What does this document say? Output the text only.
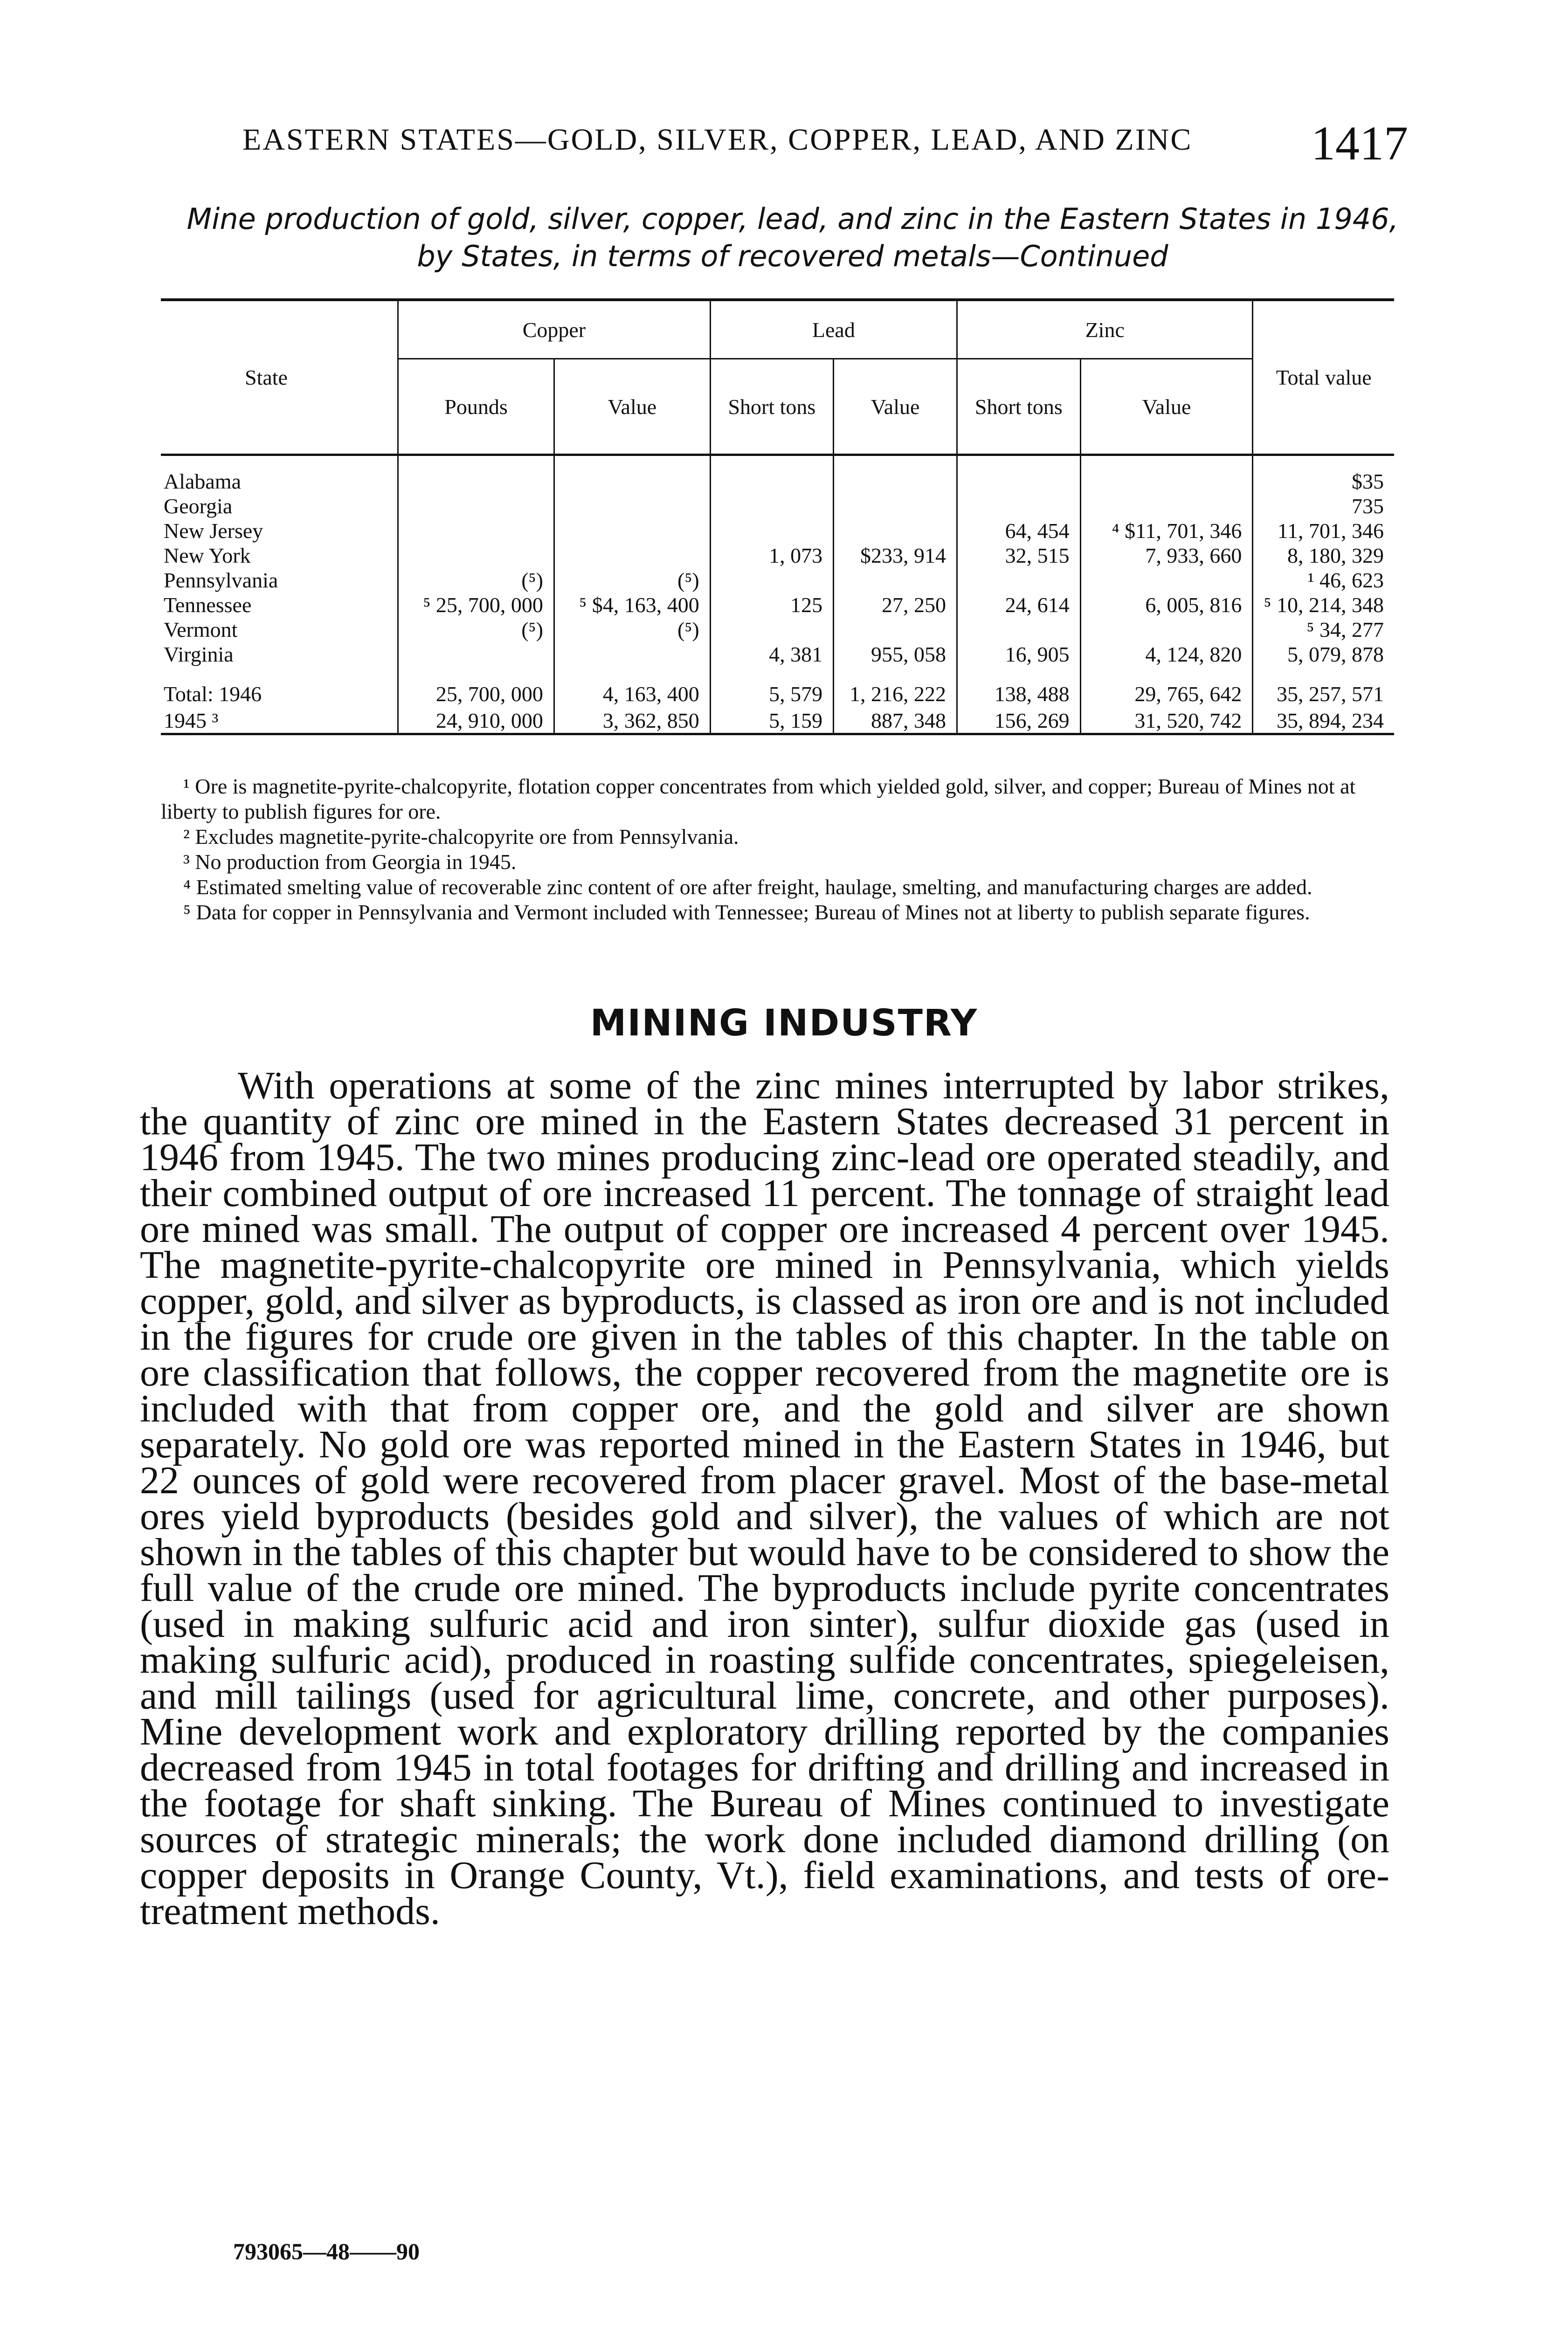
EASTERN STATES—GOLD, SILVER, COPPER, LEAD, AND ZINC 1417
Mine production of gold, silver, copper, lead, and zinc in the Eastern States in 1946, by States, in terms of recovered metals—Continued
State	Copper		Lead		Zinc		Total value
	Pounds	Value	Short tons	Value	Short tons	Value	

Alabama							$35
Georgia							735
New Jersey					64, 454	⁴ $11, 701, 346	11, 701, 346
New York			1, 073	$233, 914	32, 515	7, 933, 660	8, 180, 329
Pennsylvania	(⁵)	(⁵)					¹ 46, 623
Tennessee	⁵ 25, 700, 000	⁵ $4, 163, 400	125	27, 250	24, 614	6, 005, 816	⁵ 10, 214, 348
Vermont	(⁵)	(⁵)					⁵ 34, 277
Virginia			4, 381	955, 058	16, 905	4, 124, 820	5, 079, 878

Total: 1946	25, 700, 000	4, 163, 400	5, 579	1, 216, 222	138, 488	29, 765, 642	35, 257, 571
1945 ³	24, 910, 000	3, 362, 850	5, 159	887, 348	156, 269	31, 520, 742	35, 894, 234

¹ Ore is magnetite-pyrite-chalcopyrite, flotation copper concentrates from which yielded gold, silver, and copper; Bureau of Mines not at liberty to publish figures for ore.

² Excludes magnetite-pyrite-chalcopyrite ore from Pennsylvania.

³ No production from Georgia in 1945.

⁴ Estimated smelting value of recoverable zinc content of ore after freight, haulage, smelting, and manufacturing charges are added.

⁵ Data for copper in Pennsylvania and Vermont included with Tennessee; Bureau of Mines not at liberty to publish separate figures.

MINING INDUSTRY

With operations at some of the zinc mines interrupted by labor strikes, the quantity of zinc ore mined in the Eastern States decreased 31 percent in 1946 from 1945. The two mines producing zinc-lead ore operated steadily, and their combined output of ore increased 11 percent. The tonnage of straight lead ore mined was small. The output of copper ore increased 4 percent over 1945. The magnetite-pyrite-chalcopyrite ore mined in Pennsylvania, which yields copper, gold, and silver as byproducts, is classed as iron ore and is not included in the figures for crude ore given in the tables of this chapter. In the table on ore classification that follows, the copper recovered from the magnetite ore is included with that from copper ore, and the gold and silver are shown separately. No gold ore was reported mined in the Eastern States in 1946, but 22 ounces of gold were recovered from placer gravel. Most of the base-metal ores yield byproducts (besides gold and silver), the values of which are not shown in the tables of this chapter but would have to be considered to show the full value of the crude ore mined. The byproducts include pyrite concentrates (used in making sulfuric acid and iron sinter), sulfur dioxide gas (used in making sulfuric acid), produced in roasting sulfide concentrates, spiegeleisen, and mill tailings (used for agricultural lime, concrete, and other purposes). Mine development work and exploratory drilling reported by the companies decreased from 1945 in total footages for drifting and drilling and increased in the footage for shaft sinking. The Bureau of Mines continued to investigate sources of strategic minerals; the work done included diamond drilling (on copper deposits in Orange County, Vt.), field examinations, and tests of ore-treatment methods.

793065—48——90
